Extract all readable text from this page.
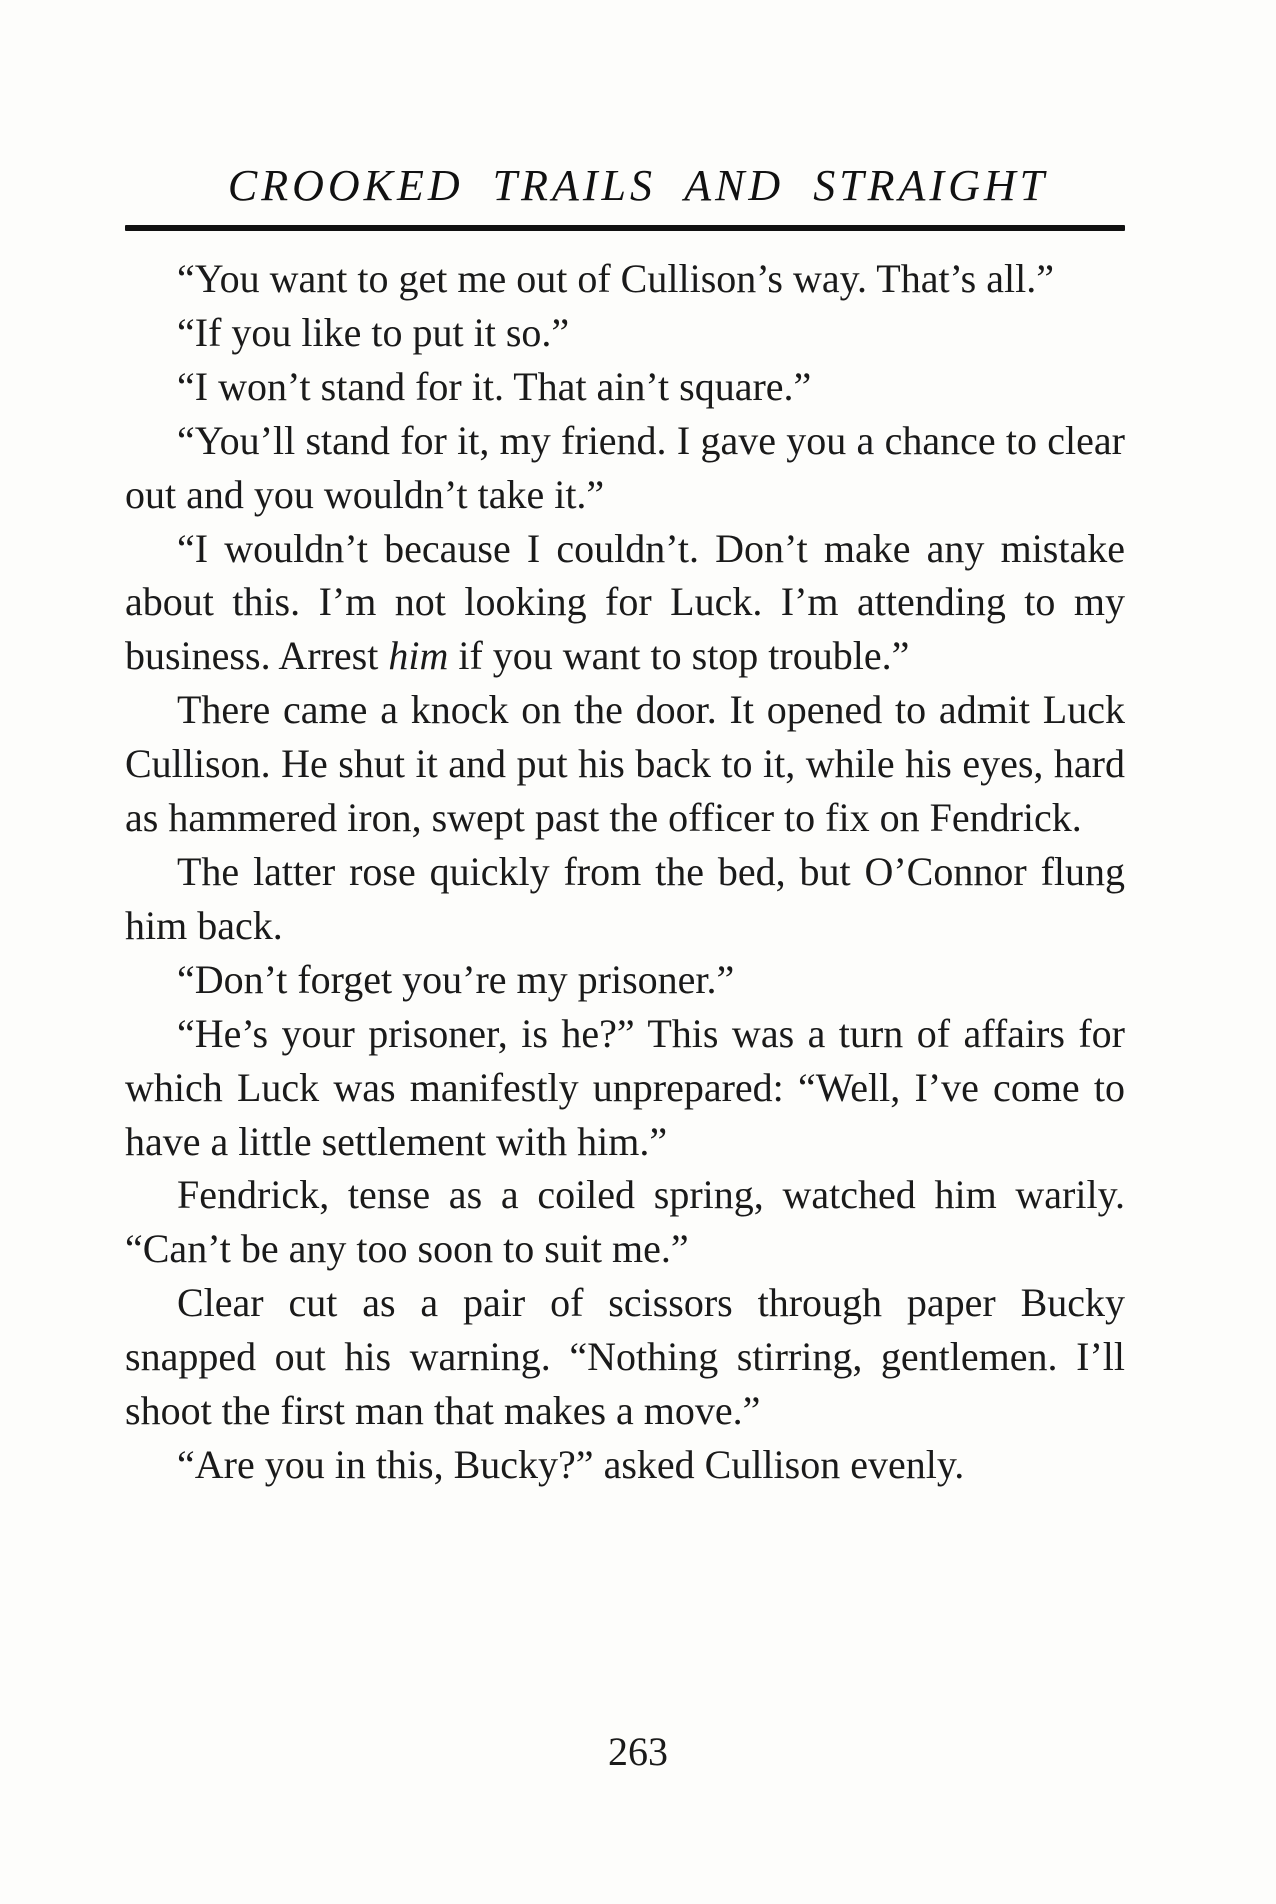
CROOKED TRAILS AND STRAIGHT

“You want to get me out of Cullison’s way. That’s all.”

“If you like to put it so.”

“I won’t stand for it. That ain’t square.”

“You’ll stand for it, my friend. I gave you a chance to clear out and you wouldn’t take it.”

“I wouldn’t because I couldn’t. Don’t make any mistake about this. I’m not looking for Luck. I’m attending to my business. Arrest him if you want to stop trouble.”

There came a knock on the door. It opened to admit Luck Cullison. He shut it and put his back to it, while his eyes, hard as hammered iron, swept past the officer to fix on Fendrick.

The latter rose quickly from the bed, but O’Connor flung him back.

“Don’t forget you’re my prisoner.”

“He’s your prisoner, is he?” This was a turn of affairs for which Luck was manifestly unprepared: “Well, I’ve come to have a little settlement with him.”

Fendrick, tense as a coiled spring, watched him warily. “Can’t be any too soon to suit me.”

Clear cut as a pair of scissors through paper Bucky snapped out his warning. “Nothing stirring, gentlemen. I’ll shoot the first man that makes a move.”

“Are you in this, Bucky?” asked Cullison evenly.

263
